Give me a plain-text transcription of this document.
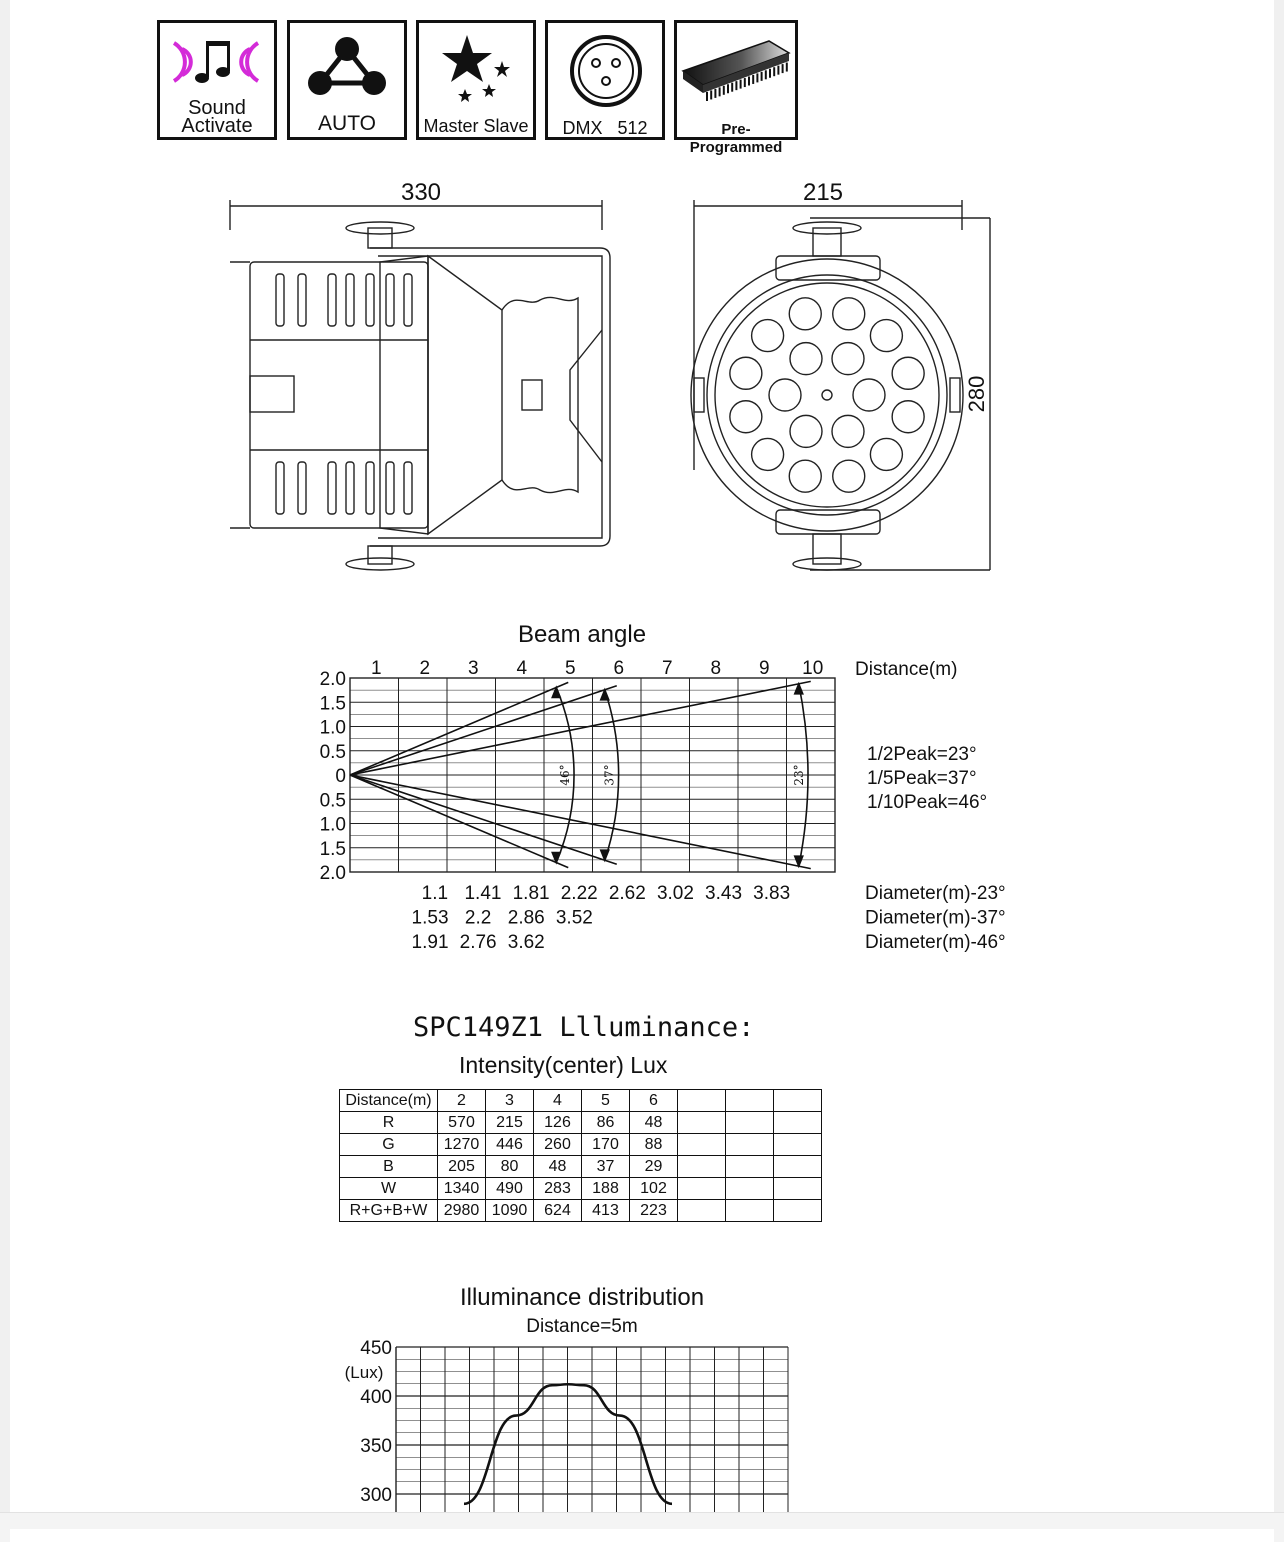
Sound
Activate	AUTO	Master Slave	DMX   512	Pre-Programmed
330	215
280
Beam angle
1 2 3 4 5 6 7 8 9 10
2.0
1.5
1.0
0.5
0
0.5
1.0
1.5
2.0
46°	37°	23°
Distance(m)
1/2Peak=23°
1/5Peak=37°
1/10Peak=46°
1.1 1.41 1.81 2.22 2.62 3.02 3.43 3.83	Diameter(m)-23°
1.53 2.2 2.86 3.52	Diameter(m)-37°
1.91 2.76 3.62	Diameter(m)-46°
SPC149Z1 Llluminance:
Intensity(center) Lux
Distance(m)	2	3	4	5	6			
R	570	215	126	86	48			
G	1270	446	260	170	88			
B	205	80	48	37	29			
W	1340	490	283	188	102			
R+G+B+W	2980	1090	624	413	223			
Illuminance distribution
Distance=5m
450
400
350
300
(Lux)
